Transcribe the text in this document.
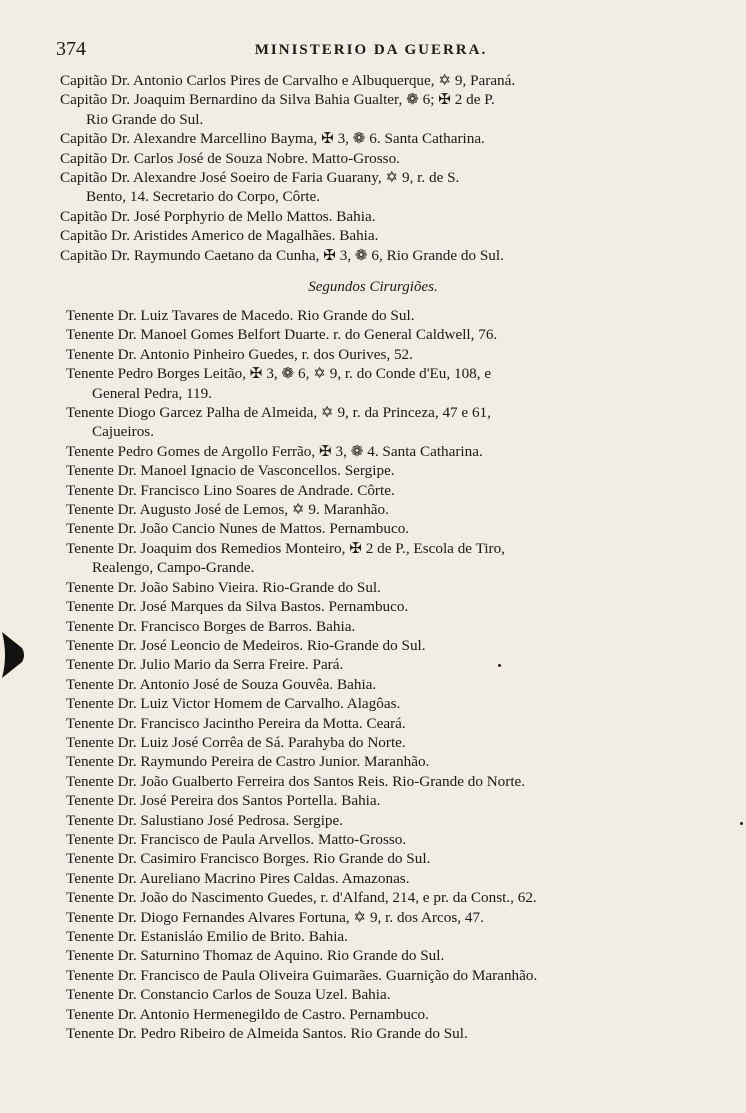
374	MINISTERIO DA GUERRA.
Capitão Dr. Antonio Carlos Pires de Carvalho e Albuquerque, ✡ 9, Paraná.
Capitão Dr. Joaquim Bernardino da Silva Bahia Gualter, ❁ 6; ✠ 2 de P.
Rio Grande do Sul.
Capitão Dr. Alexandre Marcellino Bayma, ✠ 3, ❁ 6. Santa Catharina.
Capitão Dr. Carlos José de Souza Nobre. Matto-Grosso.
Capitão Dr. Alexandre José Soeiro de Faria Guarany, ✡ 9, r. de S.
Bento, 14. Secretario do Corpo, Côrte.
Capitão Dr. José Porphyrio de Mello Mattos. Bahia.
Capitão Dr. Aristides Americo de Magalhães. Bahia.
Capitão Dr. Raymundo Caetano da Cunha, ✠ 3, ❁ 6, Rio Grande do Sul.
Segundos Cirurgiões.
Tenente Dr. Luiz Tavares de Macedo. Rio Grande do Sul.
Tenente Dr. Manoel Gomes Belfort Duarte. r. do General Caldwell, 76.
Tenente Dr. Antonio Pinheiro Guedes, r. dos Ourives, 52.
Tenente Pedro Borges Leitão, ✠ 3, ❁ 6, ✡ 9, r. do Conde d'Eu, 108, e
General Pedra, 119.
Tenente Diogo Garcez Palha de Almeida, ✡ 9, r. da Princeza, 47 e 61,
Cajueiros.
Tenente Pedro Gomes de Argollo Ferrão, ✠ 3, ❁ 4. Santa Catharina.
Tenente Dr. Manoel Ignacio de Vasconcellos. Sergipe.
Tenente Dr. Francisco Lino Soares de Andrade. Côrte.
Tenente Dr. Augusto José de Lemos, ✡ 9. Maranhão.
Tenente Dr. João Cancio Nunes de Mattos. Pernambuco.
Tenente Dr. Joaquim dos Remedios Monteiro, ✠ 2 de P., Escola de Tiro,
Realengo, Campo-Grande.
Tenente Dr. João Sabino Vieira. Rio-Grande do Sul.
Tenente Dr. José Marques da Silva Bastos. Pernambuco.
Tenente Dr. Francisco Borges de Barros. Bahia.
Tenente Dr. José Leoncio de Medeiros. Rio-Grande do Sul.
Tenente Dr. Julio Mario da Serra Freire. Pará.
Tenente Dr. Antonio José de Souza Gouvêa. Bahia.
Tenente Dr. Luiz Victor Homem de Carvalho. Alagôas.
Tenente Dr. Francisco Jacintho Pereira da Motta. Ceará.
Tenente Dr. Luiz José Corrêa de Sá. Parahyba do Norte.
Tenente Dr. Raymundo Pereira de Castro Junior. Maranhão.
Tenente Dr. João Gualberto Ferreira dos Santos Reis. Rio-Grande do Norte.
Tenente Dr. José Pereira dos Santos Portella. Bahia.
Tenente Dr. Salustiano José Pedrosa. Sergipe.
Tenente Dr. Francisco de Paula Arvellos. Matto-Grosso.
Tenente Dr. Casimiro Francisco Borges. Rio Grande do Sul.
Tenente Dr. Aureliano Macrino Pires Caldas. Amazonas.
Tenente Dr. João do Nascimento Guedes, r. d'Alfand, 214, e pr. da Const., 62.
Tenente Dr. Diogo Fernandes Alvares Fortuna, ✡ 9, r. dos Arcos, 47.
Tenente Dr. Estanisláo Emilio de Brito. Bahia.
Tenente Dr. Saturnino Thomaz de Aquino. Rio Grande do Sul.
Tenente Dr. Francisco de Paula Oliveira Guimarães. Guarnição do Maranhão.
Tenente Dr. Constancio Carlos de Souza Uzel. Bahia.
Tenente Dr. Antonio Hermenegildo de Castro. Pernambuco.
Tenente Dr. Pedro Ribeiro de Almeida Santos. Rio Grande do Sul.
